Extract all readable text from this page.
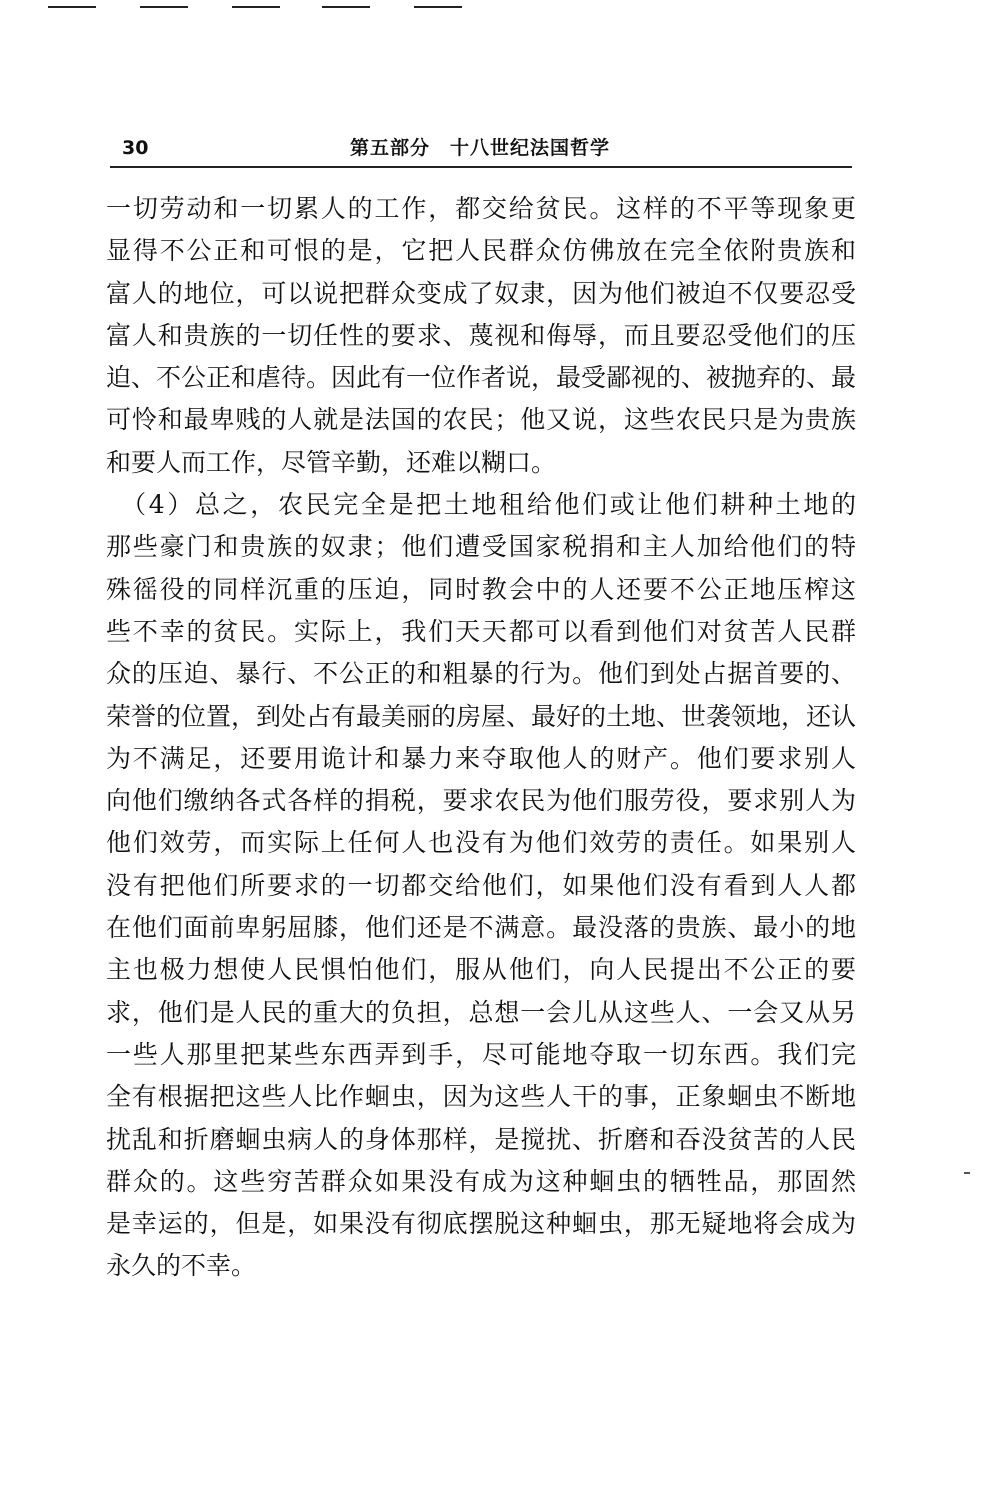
30	第五部分　十八世纪法国哲学
一切劳动和一切累人的工作，都交给贫民。这样的不平等现象更
显得不公正和可恨的是，它把人民群众仿佛放在完全依附贵族和
富人的地位，可以说把群众变成了奴隶，因为他们被迫不仅要忍受
富人和贵族的一切任性的要求、蔑视和侮辱，而且要忍受他们的压
迫、不公正和虐待。因此有一位作者说，最受鄙视的、被抛弃的、最
可怜和最卑贱的人就是法国的农民；他又说，这些农民只是为贵族
和要人而工作，尽管辛勤，还难以糊口。
　（4）总之，农民完全是把土地租给他们或让他们耕种土地的
那些豪门和贵族的奴隶；他们遭受国家税捐和主人加给他们的特
殊徭役的同样沉重的压迫，同时教会中的人还要不公正地压榨这
些不幸的贫民。实际上，我们天天都可以看到他们对贫苦人民群
众的压迫、暴行、不公正的和粗暴的行为。他们到处占据首要的、
荣誉的位置，到处占有最美丽的房屋、最好的土地、世袭领地，还认
为不满足，还要用诡计和暴力来夺取他人的财产。他们要求别人
向他们缴纳各式各样的捐税，要求农民为他们服劳役，要求别人为
他们效劳，而实际上任何人也没有为他们效劳的责任。如果别人
没有把他们所要求的一切都交给他们，如果他们没有看到人人都
在他们面前卑躬屈膝，他们还是不满意。最没落的贵族、最小的地
主也极力想使人民惧怕他们，服从他们，向人民提出不公正的要
求，他们是人民的重大的负担，总想一会儿从这些人、一会又从另
一些人那里把某些东西弄到手，尽可能地夺取一切东西。我们完
全有根据把这些人比作蛔虫，因为这些人干的事，正象蛔虫不断地
扰乱和折磨蛔虫病人的身体那样，是搅扰、折磨和吞没贫苦的人民
群众的。这些穷苦群众如果没有成为这种蛔虫的牺牲品，那固然
是幸运的，但是，如果没有彻底摆脱这种蛔虫，那无疑地将会成为
永久的不幸。
